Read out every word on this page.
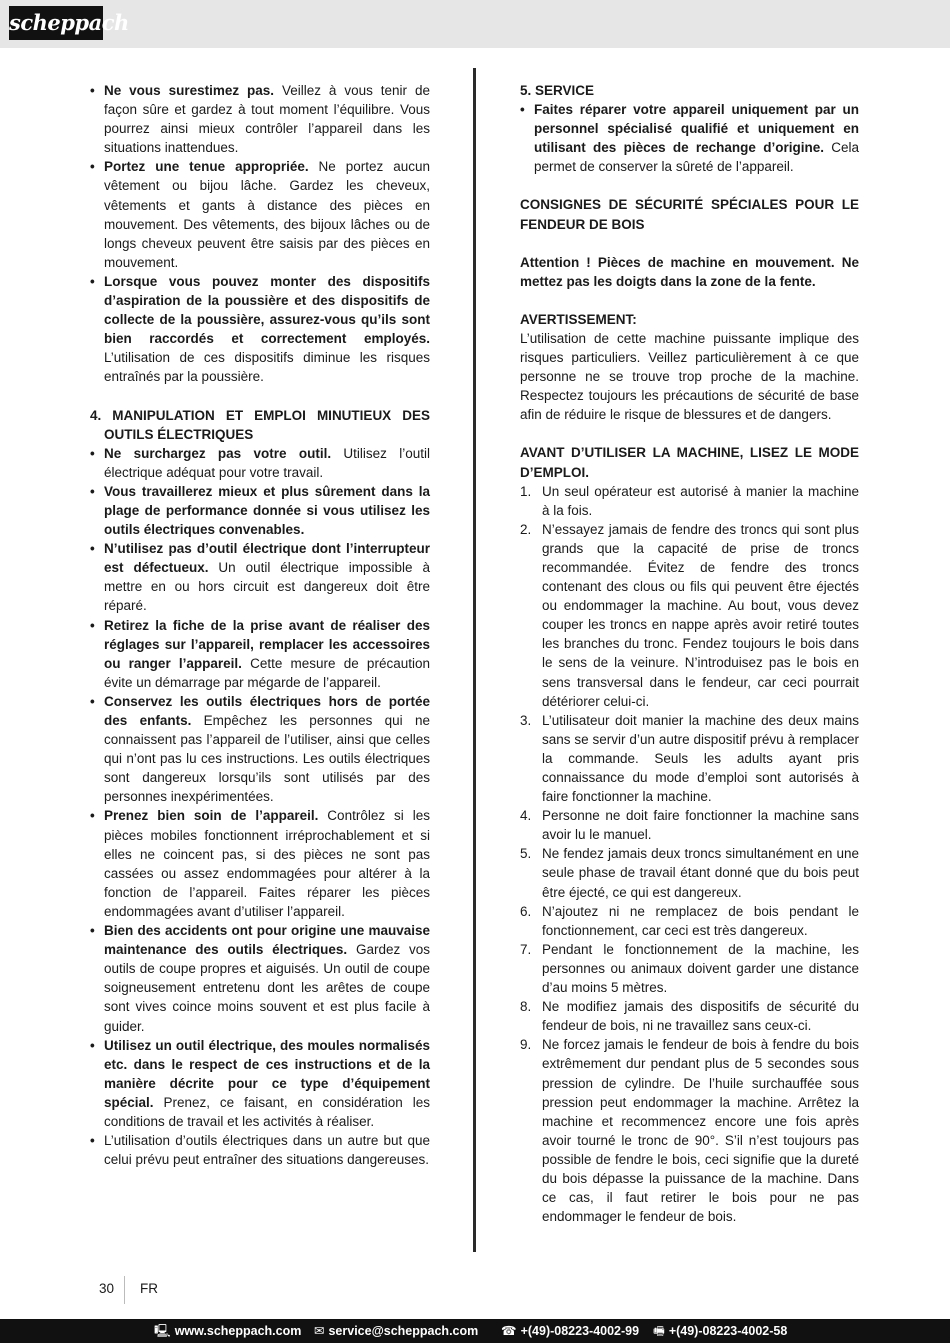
scheppach
• Ne vous surestimez pas. Veillez à vous tenir de façon sûre et gardez à tout moment l’équilibre. Vous pourrez ainsi mieux contrôler l’appareil dans les situations inattendues.
• Portez une tenue appropriée. Ne portez aucun vêtement ou bijou lâche. Gardez les cheveux, vêtements et gants à distance des pièces en mouvement. Des vêtements, des bijoux lâches ou de longs cheveux peuvent être saisis par des pièces en mouvement.
• Lorsque vous pouvez monter des dispositifs d’aspiration de la poussière et des dispositifs de collecte de la poussière, assurez-vous qu’ils sont bien raccordés et correctement employés. L’utilisation de ces dispositifs diminue les risques entraînés par la poussière.
4. MANIPULATION ET EMPLOI MINUTIEUX DES OUTILS ÉLECTRIQUES
• Ne surchargez pas votre outil. Utilisez l’outil électrique adéquat pour votre travail.
• Vous travaillerez mieux et plus sûrement dans la plage de performance donnée si vous utilisez les outils électriques convenables.
• N’utilisez pas d’outil électrique dont l’interrupteur est défectueux. Un outil électrique impossible à mettre en ou hors circuit est dangereux doit être réparé.
• Retirez la fiche de la prise avant de réaliser des réglages sur l’appareil, remplacer les accessoires ou ranger l’appareil. Cette mesure de précaution évite un démarrage par mégarde de l’appareil.
• Conservez les outils électriques hors de portée des enfants. Empêchez les personnes qui ne connaissent pas l’appareil de l’utiliser, ainsi que celles qui n’ont pas lu ces instructions. Les outils électriques sont dangereux lorsqu’ils sont utilisés par des personnes inexpérimentées.
• Prenez bien soin de l’appareil. Contrôlez si les pièces mobiles fonctionnent irréprochablement et si elles ne coincent pas, si des pièces ne sont pas cassées ou assez endommagées pour altérer à la fonction de l’appareil. Faites réparer les pièces endommagées avant d’utiliser l’appareil.
• Bien des accidents ont pour origine une mauvaise maintenance des outils électriques. Gardez vos outils de coupe propres et aiguisés. Un outil de coupe soigneusement entretenu dont les arêtes de coupe sont vives coince moins souvent et est plus facile à guider.
• Utilisez un outil électrique, des moules normalisés etc. dans le respect de ces instructions et de la manière décrite pour ce type d’équipement spécial. Prenez, ce faisant, en considération les conditions de travail et les activités à réaliser.
• L’utilisation d’outils électriques dans un autre but que celui prévu peut entraîner des situations dangereuses.
5. SERVICE
• Faites réparer votre appareil uniquement par un personnel spécialisé qualifié et uniquement en utilisant des pièces de rechange d’origine. Cela permet de conserver la sûreté de l’appareil.
CONSIGNES DE SÉCURITÉ SPÉCIALES POUR LE FENDEUR DE BOIS
Attention ! Pièces de machine en mouvement. Ne mettez pas les doigts dans la zone de la fente.
AVERTISSEMENT:

L’utilisation de cette machine puissante implique des risques particuliers. Veillez particulièrement à ce que personne ne se trouve trop proche de la machine. Respectez toujours les précautions de sécurité de base afin de réduire le risque de blessures et de dangers.

AVANT D’UTILISER LA MACHINE, LISEZ LE MODE D’EMPLOI.
1. Un seul opérateur est autorisé à manier la machine à la fois.
2. N’essayez jamais de fendre des troncs qui sont plus grands que la capacité de prise de troncs recommandée. Évitez de fendre des troncs contenant des clous ou fils qui peuvent être éjectés ou endommager la machine. Au bout, vous devez couper les troncs en nappe après avoir retiré toutes les branches du tronc. Fendez toujours le bois dans le sens de la veinure. N’introduisez pas le bois en sens transversal dans le fendeur, car ceci pourrait détériorer celui-ci.
3. L’utilisateur doit manier la machine des deux mains sans se servir d’un autre dispositif prévu à remplacer la commande. Seuls les adults ayant pris connaissance du mode d’emploi sont autorisés à faire fonctionner la machine.
4. Personne ne doit faire fonctionner la machine sans avoir lu le manuel.
5. Ne fendez jamais deux troncs simultanément en une seule phase de travail étant donné que du bois peut être éjecté, ce qui est dangereux.
6. N’ajoutez ni ne remplacez de bois pendant le fonctionnement, car ceci est très dangereux.
7. Pendant le fonctionnement de la machine, les personnes ou animaux doivent garder une distance d’au moins 5 mètres.
8. Ne modifiez jamais des dispositifs de sécurité du fendeur de bois, ni ne travaillez sans ceux-ci.
9. Ne forcez jamais le fendeur de bois à fendre du bois extrêmement dur pendant plus de 5 secondes sous pression de cylindre. De l’huile surchauffée sous pression peut endommager la machine. Arrêtez la machine et recommencez encore une fois après avoir tourné le tronc de 90°. S’il n’est toujours pas possible de fendre le bois, ceci signifie que la dureté du bois dépasse la puissance de la machine. Dans ce cas, il faut retirer le bois pour ne pas endommager le fendeur de bois.
30 FR
🖳 www.scheppach.com ✉ service@scheppach.com ☎ +(49)-08223-4002-99 🖷 +(49)-08223-4002-58
